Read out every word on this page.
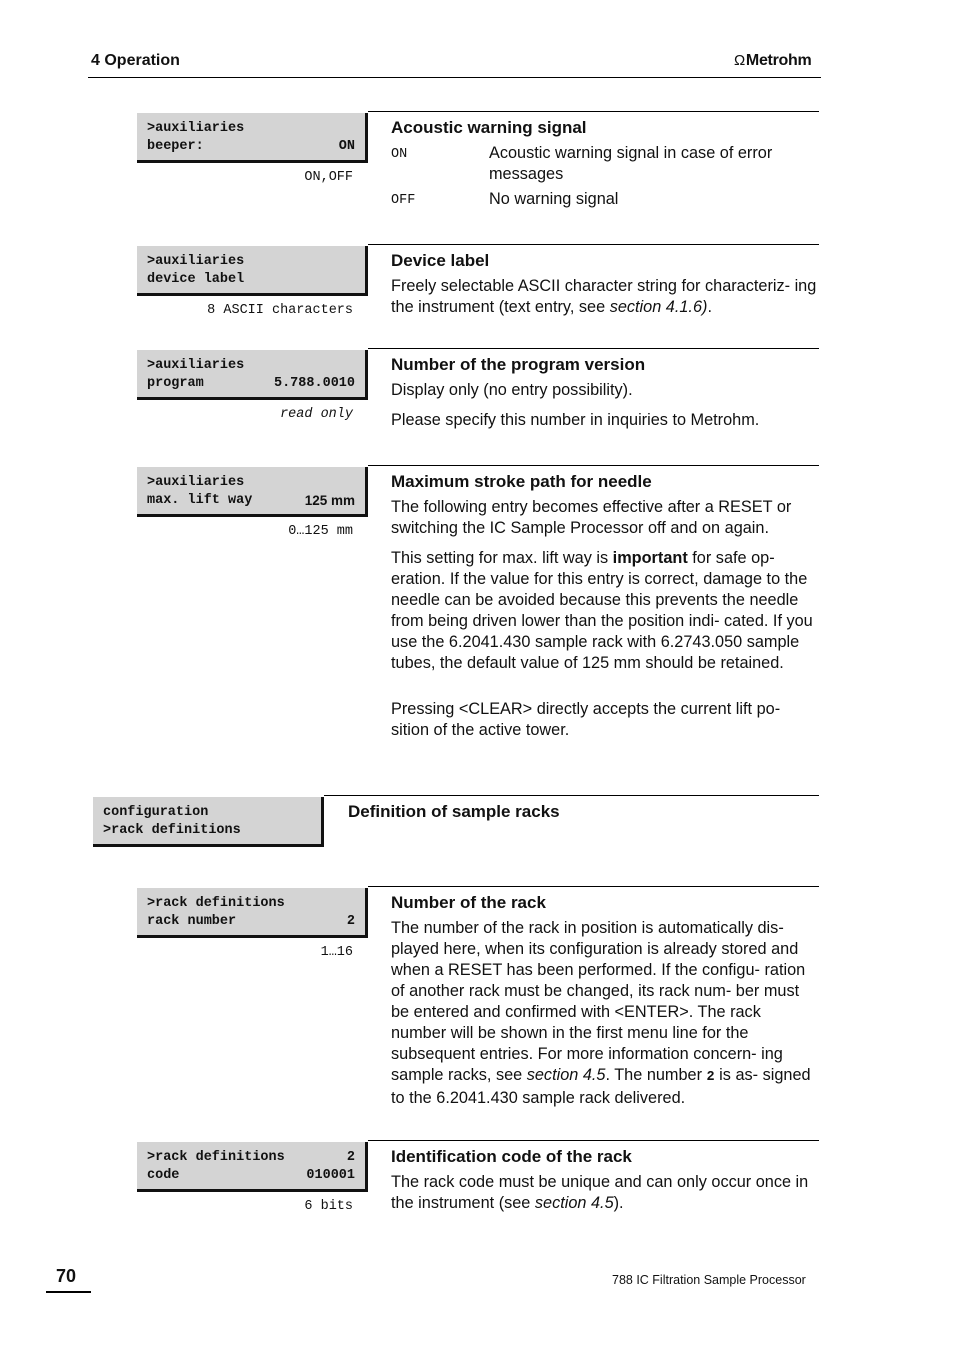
4 Operation	ΩMetrohm
>auxiliaries
beeper:	ON
ON,OFF
Acoustic warning signal
ON	Acoustic warning signal in case of error messages
OFF	No warning signal
>auxiliaries
device label
8 ASCII characters
Device label
Freely selectable ASCII character string for characteriz- ing the instrument (text entry, see section 4.1.6).
>auxiliaries
program	5.788.0010
read only
Number of the program version
Display only (no entry possibility).
Please specify this number in inquiries to Metrohm.
>auxiliaries
max. lift way	125 mm
0…125 mm
Maximum stroke path for needle
The following entry becomes effective after a RESET or switching the IC Sample Processor off and on again.
This setting for max. lift way is important for safe op- eration. If the value for this entry is correct, damage to the needle can be avoided because this prevents the needle from being driven lower than the position indi- cated. If you use the 6.2041.430 sample rack with 6.2743.050 sample tubes, the default value of 125 mm should be retained.
Pressing <CLEAR> directly accepts the current lift po- sition of the active tower.
configuration
>rack definitions
Definition of sample racks
>rack definitions
rack number	2
1…16
Number of the rack
The number of the rack in position is automatically dis- played here, when its configuration is already stored and when a RESET has been performed. If the configu- ration of another rack must be changed, its rack num- ber must be entered and confirmed with <ENTER>. The rack number will be shown in the first menu line for the subsequent entries. For more information concern- ing sample racks, see section 4.5. The number 2 is as- signed to the 6.2041.430 sample rack delivered.
>rack definitions	2
code	010001
6 bits
Identification code of the rack
The rack code must be unique and can only occur once in the instrument (see section 4.5).
70	788 IC Filtration Sample Processor
